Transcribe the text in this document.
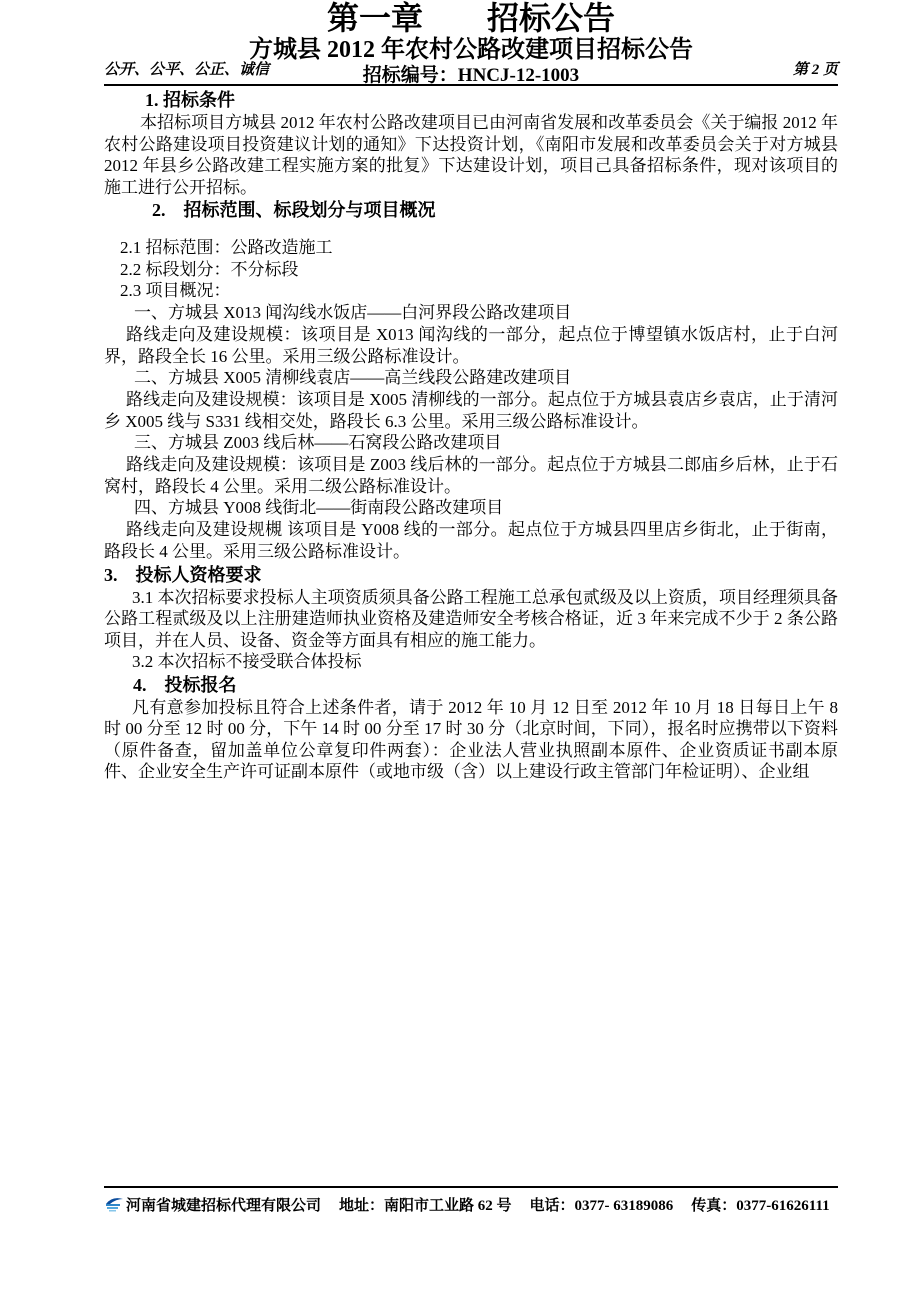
公开、公平、公正、诚信	第 2 页

第一章　　招标公告

方城县 2012 年农村公路改建项目招标公告

招标编号：HNCJ-12-1003

1. 招标条件

本招标项目方城县 2012 年农村公路改建项目已由河南省发展和改革委员会《关于编报 2012 年农村公路建设项目投资建议计划的通知》下达投资计划，《南阳市发展和改革委员会关于对方城县 2012 年县乡公路改建工程实施方案的批复》下达建设计划，项目己具备招标条件，现对该项目的施工进行公开招标。

2.　招标范围、标段划分与项目概况

2.1 招标范围：公路改造施工

2.2 标段划分：不分标段

2.3 项目概况：

一、方城县 X013 闻沟线水饭店——白河界段公路改建项目

路线走向及建设规模：该项目是 X013 闻沟线的一部分，起点位于博望镇水饭店村，止于白河界，路段全长 16 公里。采用三级公路标准设计。

二、方城县 X005 清柳线袁店——高兰线段公路建改建项目

路线走向及建设规模：该项目是 X005 清柳线的一部分。起点位于方城县袁店乡袁店，止于清河乡 X005 线与 S331 线相交处，路段长 6.3 公里。采用三级公路标准设计。

三、方城县 Z003 线后林——石窝段公路改建项目

路线走向及建设规模：该项目是 Z003 线后林的一部分。起点位于方城县二郎庙乡后林，止于石窝村，路段长 4 公里。采用二级公路标准设计。

四、方城县 Y008 线街北——街南段公路改建项目

路线走向及建设规槻 该项目是 Y008 线的一部分。起点位于方城县四里店乡街北，止于街南，路段长 4 公里。采用三级公路标准设计。

3.　投标人资格要求

3.1 本次招标要求投标人主项资质须具备公路工程施工总承包贰级及以上资质，项目经理须具备公路工程贰级及以上注册建造师执业资格及建造师安全考核合格证，近 3 年来完成不少于 2 条公路项目，并在人员、设备、资金等方面具有相应的施工能力。

3.2 本次招标不接受联合体投标

4.　投标报名

凡有意参加投标且符合上述条件者，请于 2012 年 10 月 12 日至 2012 年 10 月 18 日每日上午 8 时 00 分至 12 时 00 分，下午 14 时 00 分至 17 时 30 分（北京时间，下同），报名时应携带以下资料（原件备查，留加盖单位公章复印件两套）：企业法人营业执照副本原件、企业资质证书副本原件、企业安全生产许可证副本原件（或地市级（含）以上建设行政主管部门年检证明）、企业组

河南省城建招标代理有限公司 地址：南阳市工业路 62 号 电话：0377- 63189086 传真：0377-61626111
